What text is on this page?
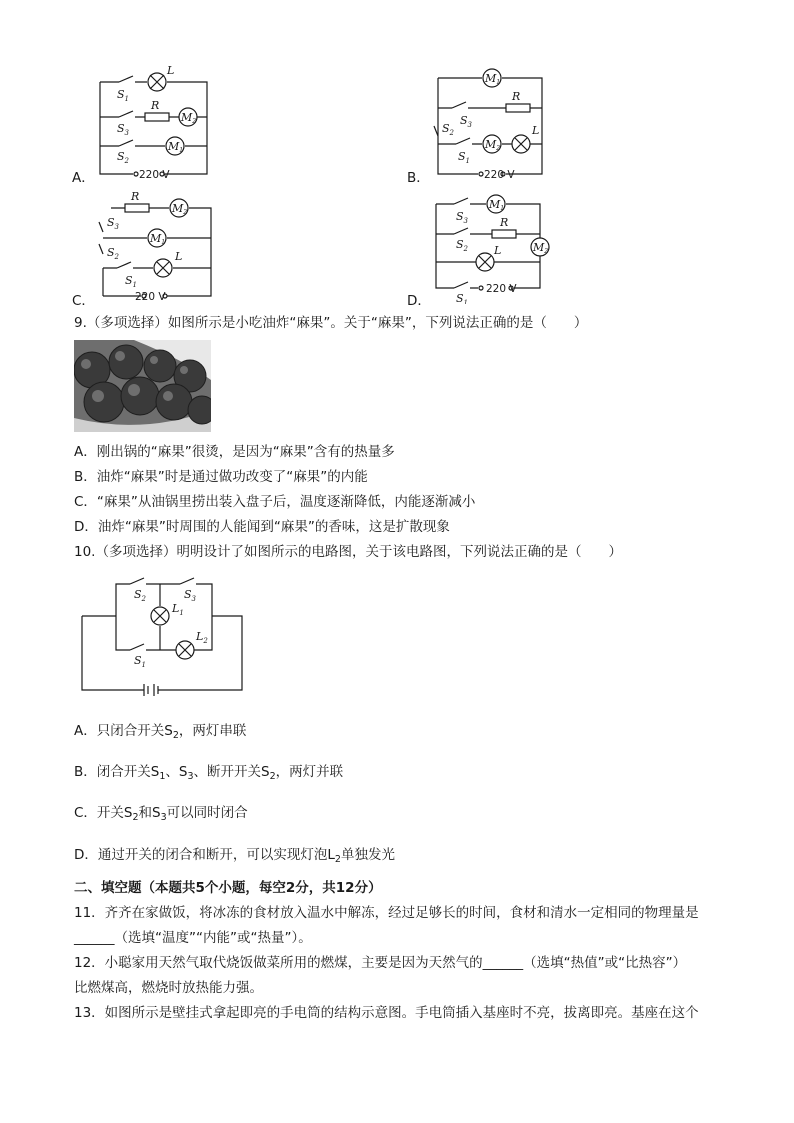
A．	B．
C．	D．
L
$S_1$ R
M2
$S_3$
M1
$S_2$
220 V
M1
R
$S_3$
$S_2$	L
M2
$S_1$
220 V
R
M2
$S_3$
M1
$S_2$	L
$S_1$
220 V
$S_3$
M1
R
M2
$S_2$ L
$S_1$
220 V
9.（多项选择）如图所示是小吃油炸“麻果”。关于“麻果”，下列说法正确的是（　　）
A．刚出锅的“麻果”很烫，是因为“麻果”含有的热量多
B．油炸“麻果”时是通过做功改变了“麻果”的内能
C．“麻果”从油锅里捞出装入盘子后，温度逐渐降低，内能逐渐减小
D．油炸“麻果”时周围的人能闻到“麻果”的香味，这是扩散现象
10.（多项选择）明明设计了如图所示的电路图，关于该电路图，下列说法正确的是（　　）
$S_2$	$S_3$
$L_1$
$L_2$
$S_1$
A．只闭合开关$S_2$，两灯串联
B．闭合开关$S_1$、$S_3$、断开开关$S_2$，两灯并联
C．开关$S_2$和$S_3$可以同时闭合
D．通过开关的闭合和断开，可以实现灯泡$L_2$单独发光
二、填空题（本题共5个小题，每空2分，共12分）
11．齐齐在家做饭，将冰冻的食材放入温水中解冻，经过足够长的时间，食材和清水一定相同的物理量是
______（选填“温度”“内能”或“热量”）。
12．小聪家用天然气取代烧饭做菜所用的燃煤，主要是因为天然气的______（选填“热值”或“比热容”）
比燃煤高，燃烧时放热能力强。
13．如图所示是壁挂式拿起即亮的手电筒的结构示意图。手电筒插入基座时不亮，拔离即亮。基座在这个
